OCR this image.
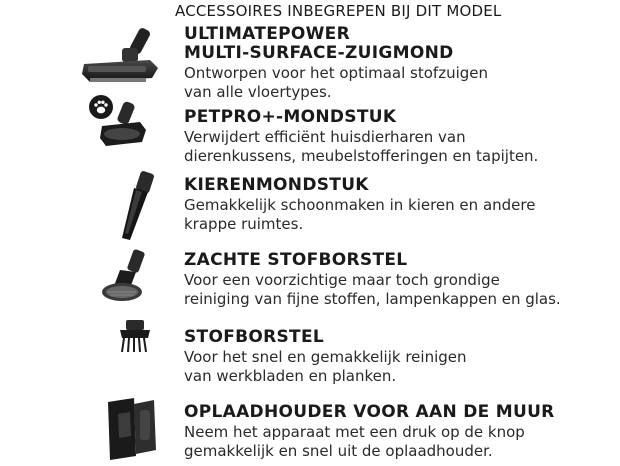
ACCESSOIRES INBEGREPEN BIJ DIT MODEL
ULTIMATEPOWER
MULTI-SURFACE-ZUIGMOND
Ontworpen voor het optimaal stofzuigen
van alle vloertypes.
PETPRO+-MONDSTUK
Verwijdert efficiënt huisdierharen van
dierenkussens, meubelstofferingen en tapijten.
KIERENMONDSTUK
Gemakkelijk schoonmaken in kieren en andere
krappe ruimtes.
ZACHTE STOFBORSTEL
Voor een voorzichtige maar toch grondige
reiniging van fijne stoffen, lampenkappen en glas.
STOFBORSTEL
Voor het snel en gemakkelijk reinigen
van werkbladen en planken.
OPLAADHOUDER VOOR AAN DE MUUR
Neem het apparaat met een druk op de knop
gemakkelijk en snel uit de oplaadhouder.
